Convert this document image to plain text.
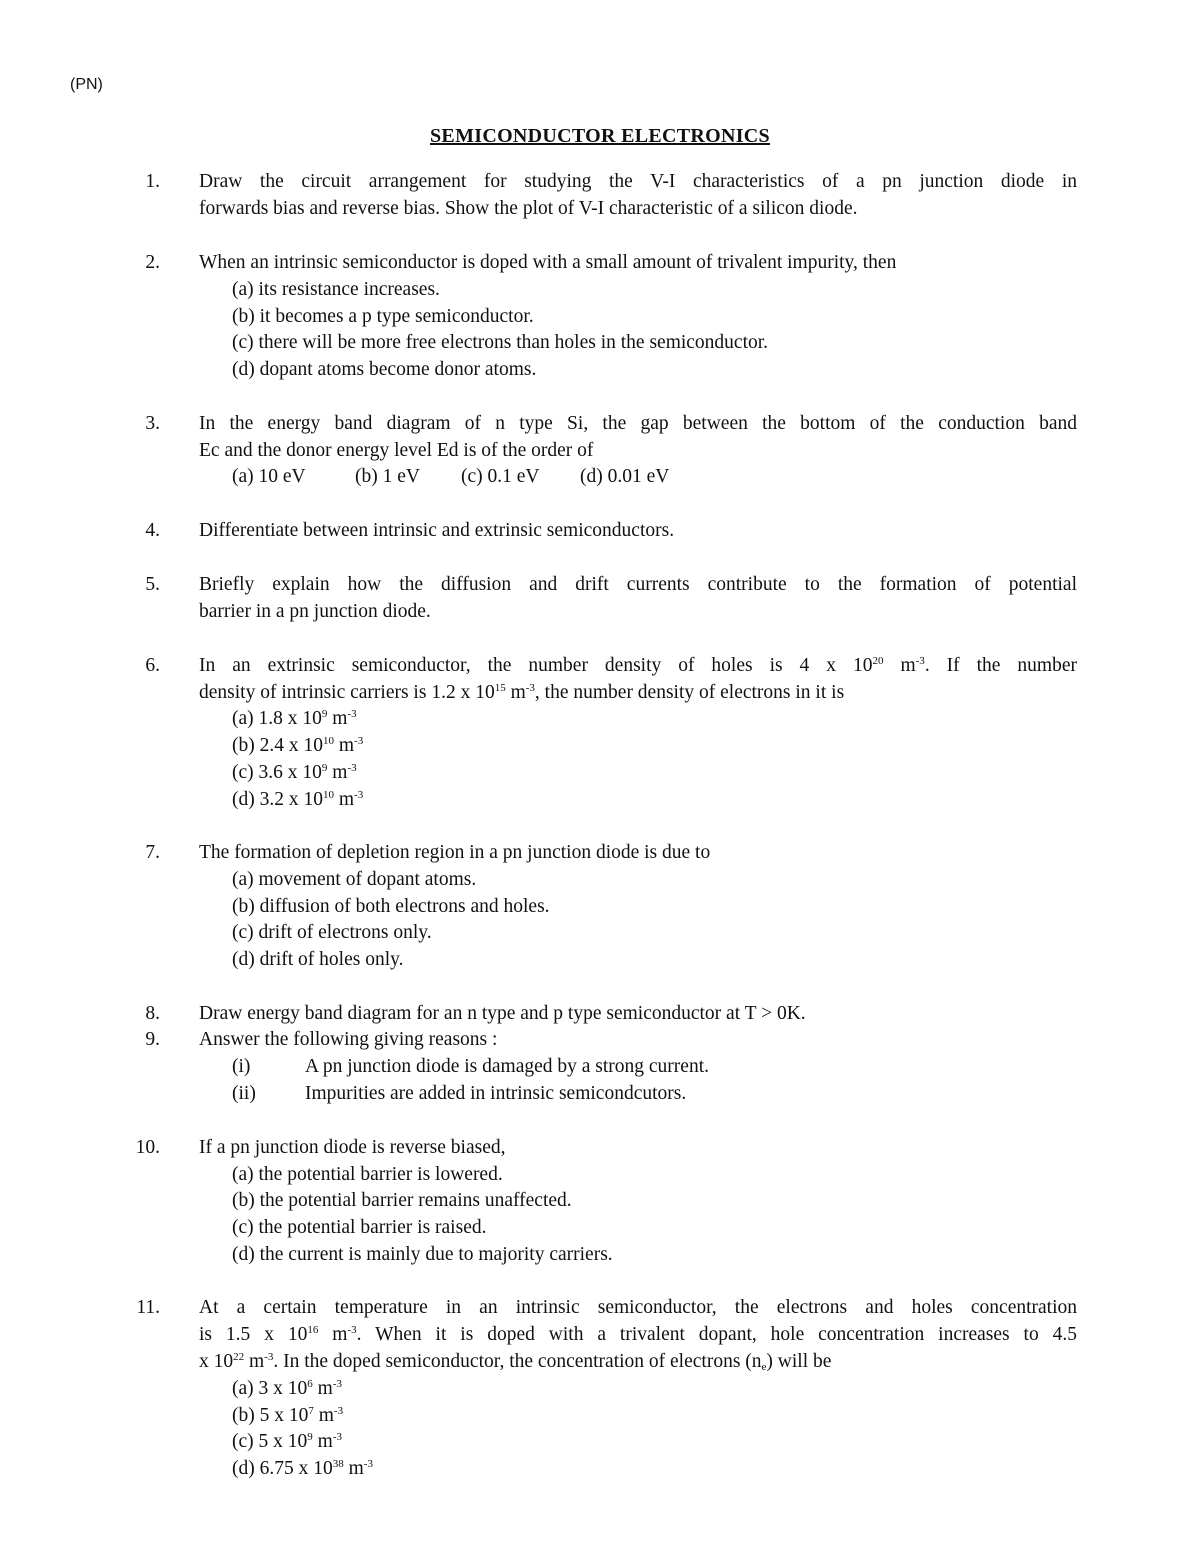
(PN)
SEMICONDUCTOR ELECTRONICS
1. Draw the circuit arrangement for studying the V-I characteristics of a pn junction diode in
forwards bias and reverse bias. Show the plot of V-I characteristic of a silicon diode.
2. When an intrinsic semiconductor is doped with a small amount of trivalent impurity, then
(a) its resistance increases.
(b) it becomes a p type semiconductor.
(c) there will be more free electrons than holes in the semiconductor.
(d) dopant atoms become donor atoms.
3. In the energy band diagram of n type Si, the gap between the bottom of the conduction band
Ec and the donor energy level Ed is of the order of
(a) 10 eV	(b) 1 eV (c) 0.1 eV (d) 0.01 eV
4. Differentiate between intrinsic and extrinsic semiconductors.
5. Briefly explain how the diffusion and drift currents contribute to the formation of potential
barrier in a pn junction diode.
6. In an extrinsic semiconductor, the number density of holes is 4 x $10^{20}$ $m^{-3}$. If the number
density of intrinsic carriers is 1.2 x $10^{15}$ $m^{-3}$, the number density of electrons in it is
(a) 1.8 x $10^9$ $m^{-3}$
(b) 2.4 x $10^{10}$ $m^{-3}$
(c) 3.6 x $10^9$ $m^{-3}$
(d) 3.2 x $10^{10}$ $m^{-3}$
7. The formation of depletion region in a pn junction diode is due to
(a) movement of dopant atoms.
(b) diffusion of both electrons and holes.
(c) drift of electrons only.
(d) drift of holes only.
8. Draw energy band diagram for an n type and p type semiconductor at T > 0K.
9. Answer the following giving reasons :
(i)	A pn junction diode is damaged by a strong current.
(ii)	Impurities are added in intrinsic semicondcutors.
10. If a pn junction diode is reverse biased,
(a) the potential barrier is lowered.
(b) the potential barrier remains unaffected.
(c) the potential barrier is raised.
(d) the current is mainly due to majority carriers.
11. At a certain temperature in an intrinsic semiconductor, the electrons and holes concentration
is 1.5 x $10^{16}$ $m^{-3}$. When it is doped with a trivalent dopant, hole concentration increases to 4.5
x $10^{22}$ $m^{-3}$. In the doped semiconductor, the concentration of electrons $(n_e)$ will be
(a) 3 x $10^6$ $m^{-3}$
(b) 5 x $10^7$ $m^{-3}$
(c) 5 x $10^9$ $m^{-3}$
(d) 6.75 x $10^{38}$ $m^{-3}$
